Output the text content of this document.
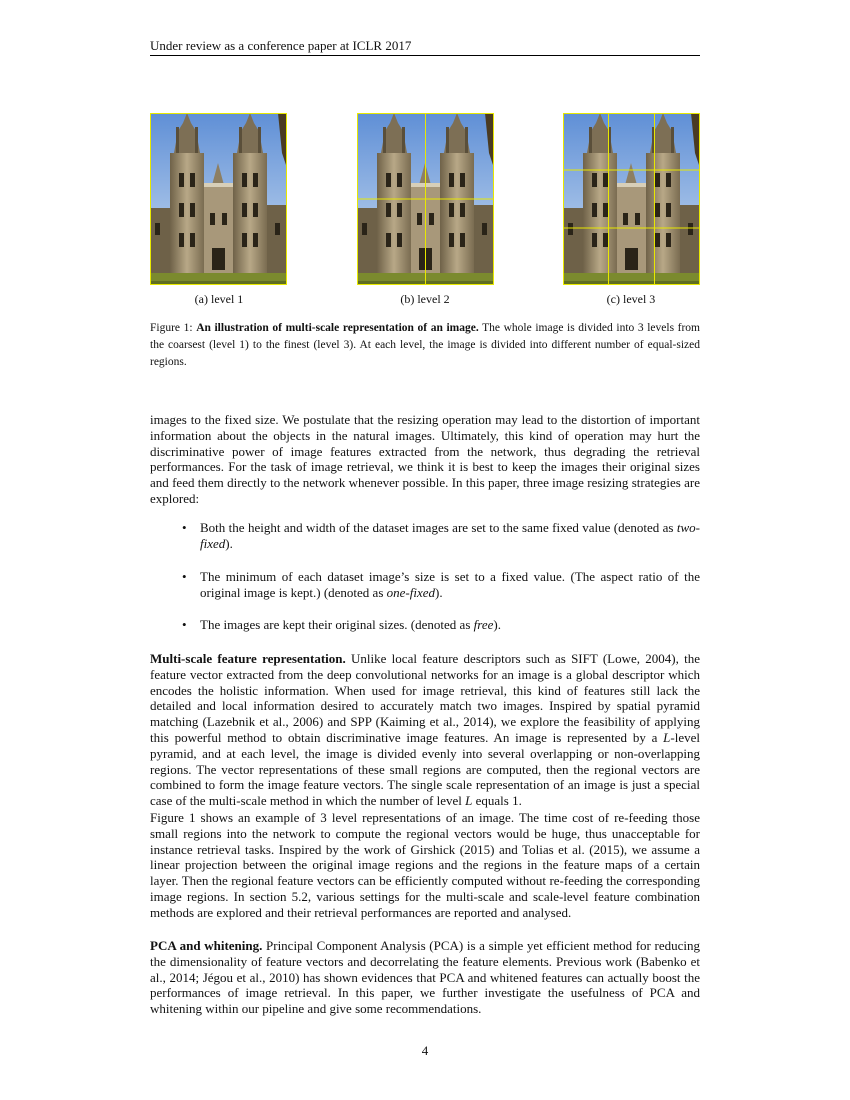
Under review as a conference paper at ICLR 2017
(a) level 1	(b) level 2	(c) level 3
Figure 1: An illustration of multi-scale representation of an image. The whole image is divided into 3 levels from the coarsest (level 1) to the finest (level 3). At each level, the image is divided into different number of equal-sized regions.

images to the fixed size. We postulate that the resizing operation may lead to the distortion of important information about the objects in the natural images. Ultimately, this kind of operation may hurt the discriminative power of image features extracted from the network, thus degrading the retrieval performances. For the task of image retrieval, we think it is best to keep the images their original sizes and feed them directly to the network whenever possible. In this paper, three image resizing strategies are explored:

• Both the height and width of the dataset images are set to the same fixed value (denoted as two-fixed).
• The minimum of each dataset image’s size is set to a fixed value. (The aspect ratio of the original image is kept.) (denoted as one-fixed).
• The images are kept their original sizes. (denoted as free).

Multi-scale feature representation. Unlike local feature descriptors such as SIFT (Lowe, 2004), the feature vector extracted from the deep convolutional networks for an image is a global descriptor which encodes the holistic information. When used for image retrieval, this kind of features still lack the detailed and local information desired to accurately match two images. Inspired by spatial pyramid matching (Lazebnik et al., 2006) and SPP (Kaiming et al., 2014), we explore the feasibility of applying this powerful method to obtain discriminative image features. An image is represented by a L-level pyramid, and at each level, the image is divided evenly into several overlapping or non-overlapping regions. The vector representations of these small regions are computed, then the regional vectors are combined to form the image feature vectors. The single scale representation of an image is just a special case of the multi-scale method in which the number of level L equals 1.

Figure 1 shows an example of 3 level representations of an image. The time cost of re-feeding those small regions into the network to compute the regional vectors would be huge, thus unacceptable for instance retrieval tasks. Inspired by the work of Girshick (2015) and Tolias et al. (2015), we assume a linear projection between the original image regions and the regions in the feature maps of a certain layer. Then the regional feature vectors can be efficiently computed without re-feeding the corresponding image regions. In section 5.2, various settings for the multi-scale and scale-level feature combination methods are explored and their retrieval performances are reported and analysed.

PCA and whitening. Principal Component Analysis (PCA) is a simple yet efficient method for reducing the dimensionality of feature vectors and decorrelating the feature elements. Previous work (Babenko et al., 2014; Jégou et al., 2010) has shown evidences that PCA and whitened features can actually boost the performances of image retrieval. In this paper, we further investigate the usefulness of PCA and whitening within our pipeline and give some recommendations.

4
